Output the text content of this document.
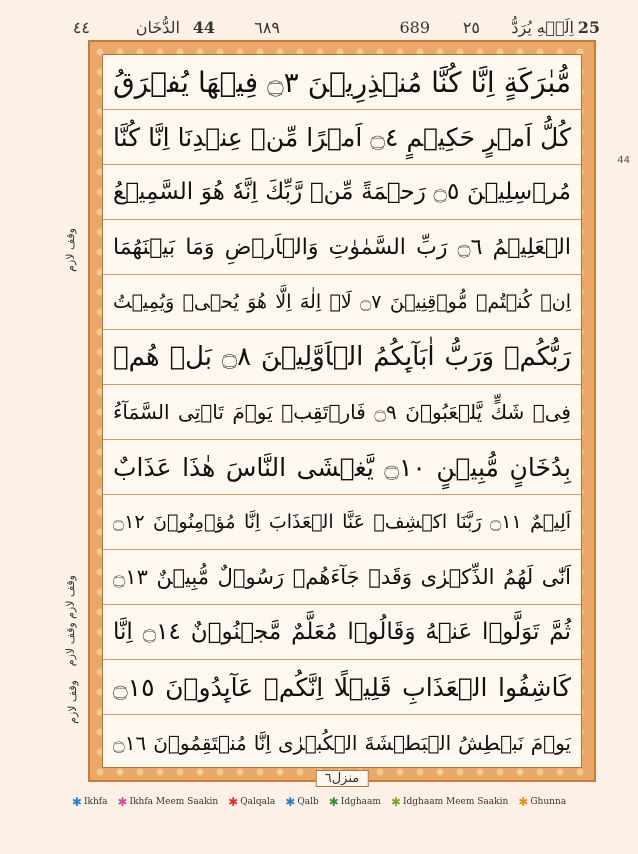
25
اِلَيۡهِ يُرَدُّ
٢٥
689
٦٨٩
44
الدُّخَان
٤٤
44
وقف لازم
وقف لازم وقف لازم
وقف لازم
مُّبٰرَكَةٍ اِنَّا كُنَّا مُنۡذِرِيۡنَ ۝٣ فِيۡهَا يُفۡرَقُ
كُلُّ اَمۡرٍ حَكِيۡمٍ ۝٤ اَمۡرًا مِّنۡ عِنۡدِنَا اِنَّا كُنَّا
مُرۡسِلِيۡنَ ۝٥ رَحۡمَةً مِّنۡ رَّبِّكَ اِنَّهٗ هُوَ السَّمِيۡعُ
الۡعَلِيۡمُ ۝٦ رَبِّ السَّمٰوٰتِ وَالۡاَرۡضِ وَمَا بَيۡنَهُمَا
اِنۡ كُنۡتُمۡ مُّوۡقِنِيۡنَ ۝٧ لَاۤ اِلٰهَ اِلَّا هُوَ يُحۡىٖ وَيُمِيۡتُ
رَبُّكُمۡ وَرَبُّ اٰبَآٮِٕكُمُ الۡاَوَّلِيۡنَ ۝٨ بَلۡ هُمۡ
فِىۡ شَكٍّ يَّلۡعَبُوۡنَ ۝٩ فَارۡتَقِبۡ يَوۡمَ تَاۡتِى السَّمَآءُ
بِدُخَانٍ مُّبِيۡنٍ ۝١٠ يَّغۡشَى النَّاسَ هٰذَا عَذَابٌ
اَلِيۡمٌ ۝١١ رَبَّنَا اكۡشِفۡ عَنَّا الۡعَذَابَ اِنَّا مُؤۡمِنُوۡنَ ۝١٢
اَنّٰى لَهُمُ الذِّكۡرٰى وَقَدۡ جَآءَهُمۡ رَسُوۡلٌ مُّبِيۡنٌ ۝١٣
ثُمَّ تَوَلَّوۡا عَنۡهُ وَقَالُوۡا مُعَلَّمٌ مَّجۡنُوۡنٌ ۝١٤ اِنَّا
كَاشِفُوا الۡعَذَابِ قَلِيۡلًا اِنَّكُمۡ عَآٮِٕدُوۡنَ ۝١٥
يَوۡمَ نَبۡطِشُ الۡبَطۡشَةَ الۡكُبۡرٰى اِنَّا مُنۡتَقِمُوۡنَ ۝١٦
منزل٦
✱ Ikhfa ✱ Ikhfa Meem Saakin ✱ Qalqala ✱ Qalb ✱ Idghaam ✱ Idghaam Meem Saakin ✱ Ghunna
